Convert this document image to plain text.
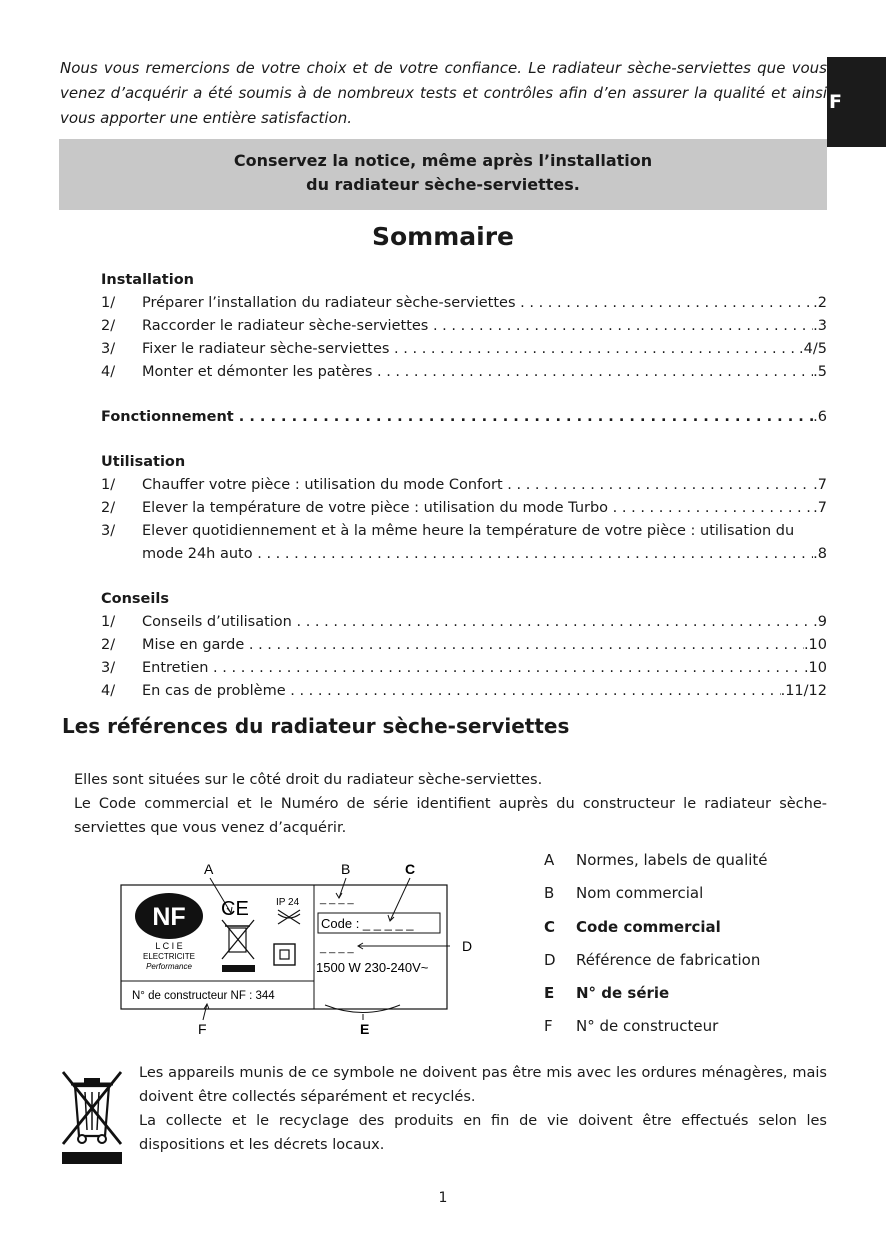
F
Nous vous remercions de votre choix et de votre confiance. Le radiateur sèche-serviettes que vous venez d’acquérir a été soumis à de nombreux tests et contrôles afin d’en assurer la qualité et ainsi vous apporter une entière satisfaction.
Conservez la notice, même après l’installation
du radiateur sèche-serviettes.
Sommaire
Installation
1/	Préparer l’installation du radiateur sèche-serviettes . . .	.2
2/	Raccorder le radiateur sèche-serviettes . . .	.3
3/	Fixer le radiateur sèche-serviettes . . .	.4/5
4/	Monter et démonter les patères . . .	.5
Fonctionnement . . .	.6
Utilisation
1/	Chauffer votre pièce : utilisation du mode Confort . . .	.7
2/	Elever la température de votre pièce : utilisation du mode Turbo . . .	.7
3/	Elever quotidiennement et à la même heure la température de votre pièce : utilisation du
mode 24h auto . . .	.8
Conseils
1/	Conseils d’utilisation . . .	.9
2/	Mise en garde . . .	.10
3/	Entretien . . .	.10
4/	En cas de problème . . .	.11/12
Les références du radiateur sèche-serviettes
Elles sont situées sur le côté droit du radiateur sèche-serviettes.
Le Code commercial et le Numéro de série identifient auprès du constructeur le radiateur sèche-serviettes que vous venez d’acquérir.
A	B	C
D
E
F
NF
L C I E
ELECTRICITE
Performance
CE	IP 24
N° de constructeur NF : 344
_ _ _ _
Code : _ _ _ _ _
_ _ _ _
1500 W 230-240V~
A	Normes, labels de qualité
B	Nom commercial
C	Code commercial
D	Référence de fabrication
E	N° de série
F	N° de constructeur
Les appareils munis de ce symbole ne doivent pas être mis avec les ordures ménagères, mais doivent être collectés séparément et recyclés.
La collecte et le recyclage des produits en fin de vie doivent être effectués selon les dispositions et les décrets locaux.
1
